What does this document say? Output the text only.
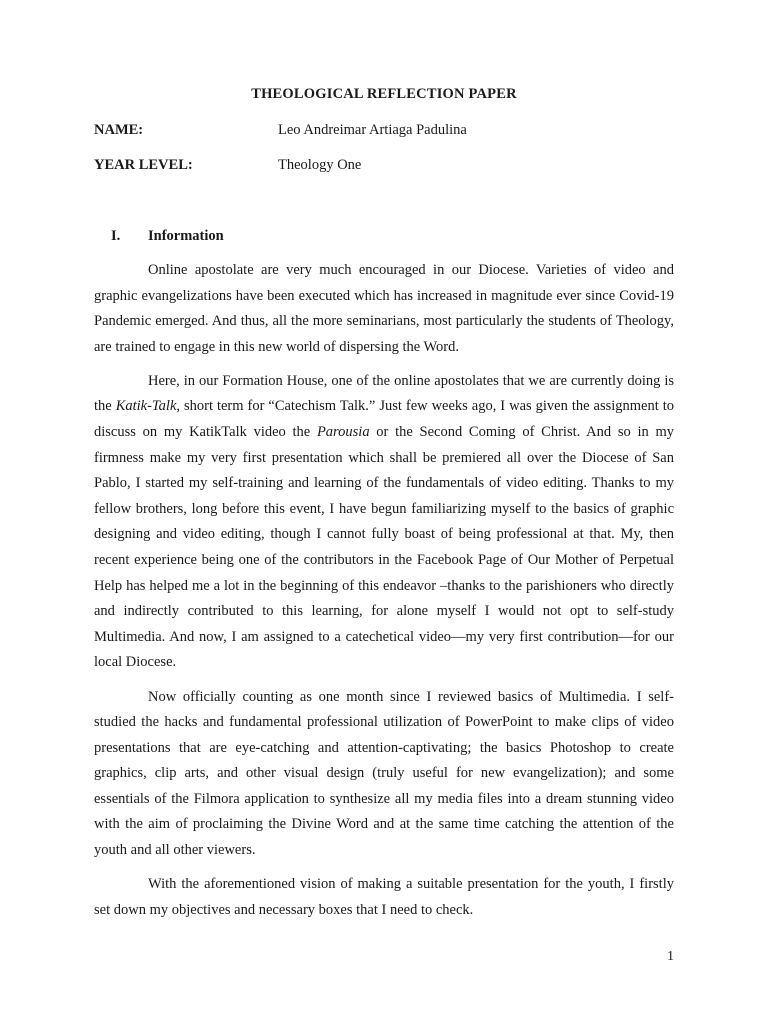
THEOLOGICAL REFLECTION PAPER
NAME:	Leo Andreimar Artiaga Padulina
YEAR LEVEL:	Theology One
I. Information

Online apostolate are very much encouraged in our Diocese. Varieties of video and graphic evangelizations have been executed which has increased in magnitude ever since Covid-19 Pandemic emerged. And thus, all the more seminarians, most particularly the students of Theology, are trained to engage in this new world of dispersing the Word.

Here, in our Formation House, one of the online apostolates that we are currently doing is the Katik-Talk, short term for “Catechism Talk.” Just few weeks ago, I was given the assignment to discuss on my KatikTalk video the Parousia or the Second Coming of Christ. And so in my firmness make my very first presentation which shall be premiered all over the Diocese of San Pablo, I started my self-training and learning of the fundamentals of video editing. Thanks to my fellow brothers, long before this event, I have begun familiarizing myself to the basics of graphic designing and video editing, though I cannot fully boast of being professional at that. My, then recent experience being one of the contributors in the Facebook Page of Our Mother of Perpetual Help has helped me a lot in the beginning of this endeavor –thanks to the parishioners who directly and indirectly contributed to this learning, for alone myself I would not opt to self-study Multimedia. And now, I am assigned to a catechetical video—my very first contribution—for our local Diocese.

Now officially counting as one month since I reviewed basics of Multimedia. I self-studied the hacks and fundamental professional utilization of PowerPoint to make clips of video presentations that are eye-catching and attention-captivating; the basics Photoshop to create graphics, clip arts, and other visual design (truly useful for new evangelization); and some essentials of the Filmora application to synthesize all my media files into a dream stunning video with the aim of proclaiming the Divine Word and at the same time catching the attention of the youth and all other viewers.

With the aforementioned vision of making a suitable presentation for the youth, I firstly set down my objectives and necessary boxes that I need to check.

1
